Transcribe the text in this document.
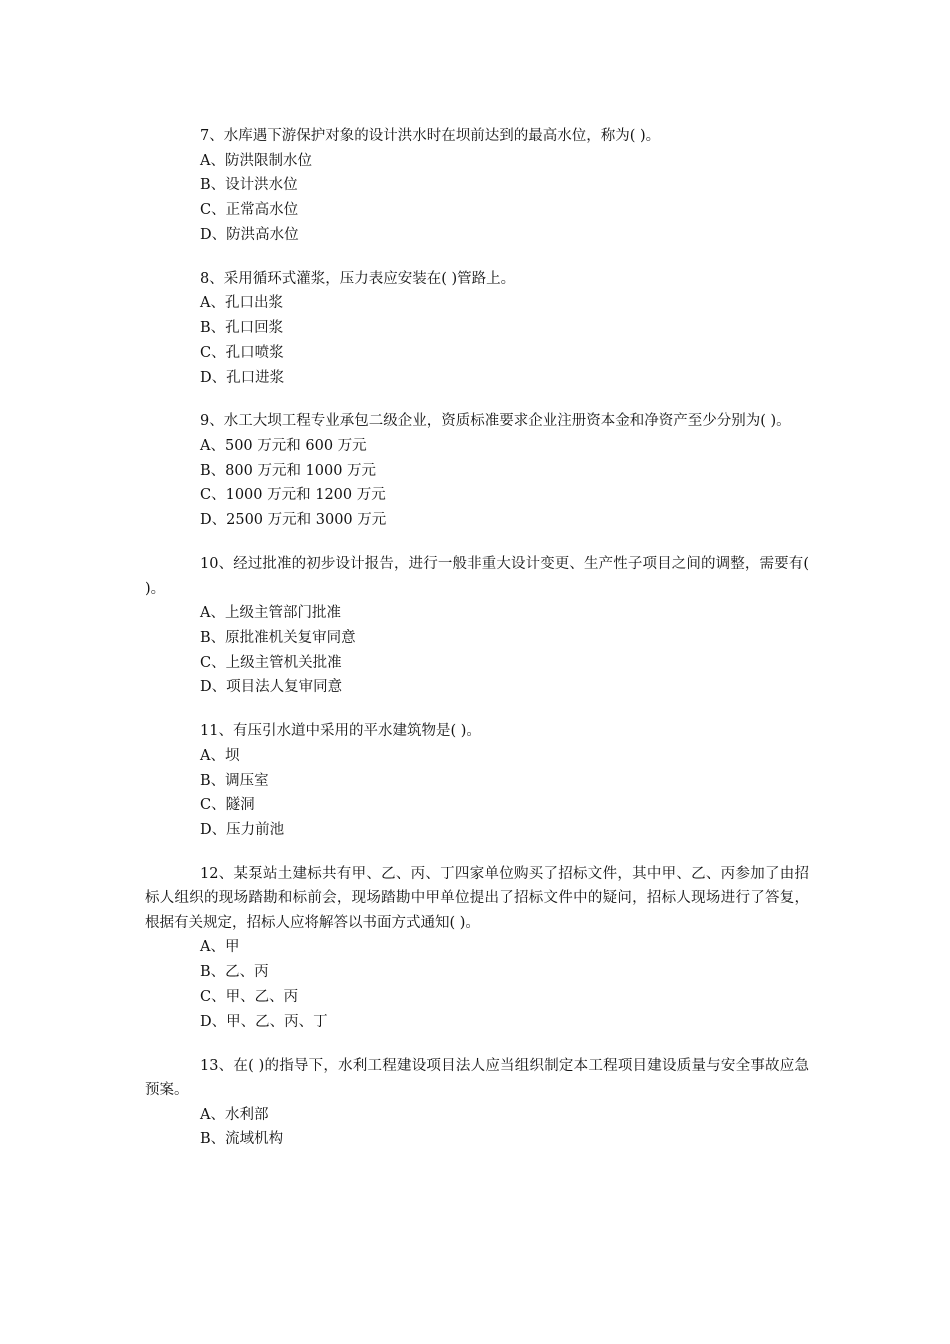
7、水库遇下游保护对象的设计洪水时在坝前达到的最高水位，称为( )。

A、防洪限制水位

B、设计洪水位

C、正常高水位

D、防洪高水位

8、采用循环式灌浆，压力表应安装在( )管路上。

A、孔口出浆

B、孔口回浆

C、孔口喷浆

D、孔口进浆

9、水工大坝工程专业承包二级企业，资质标准要求企业注册资本金和净资产至少分别为( )。

A、500 万元和 600 万元

B、800 万元和 1000 万元

C、1000 万元和 1200 万元

D、2500 万元和 3000 万元

10、经过批准的初步设计报告，进行一般非重大设计变更、生产性子项目之间的调整，需要有( )。

A、上级主管部门批准

B、原批准机关复审同意

C、上级主管机关批准

D、项目法人复审同意

11、有压引水道中采用的平水建筑物是( )。

A、坝

B、调压室

C、隧洞

D、压力前池

12、某泵站土建标共有甲、乙、丙、丁四家单位购买了招标文件，其中甲、乙、丙参加了由招标人组织的现场踏勘和标前会，现场踏勘中甲单位提出了招标文件中的疑问，招标人现场进行了答复，根据有关规定，招标人应将解答以书面方式通知( )。

A、甲

B、乙、丙

C、甲、乙、丙

D、甲、乙、丙、丁

13、在( )的指导下，水利工程建设项目法人应当组织制定本工程项目建设质量与安全事故应急预案。

A、水利部

B、流域机构
